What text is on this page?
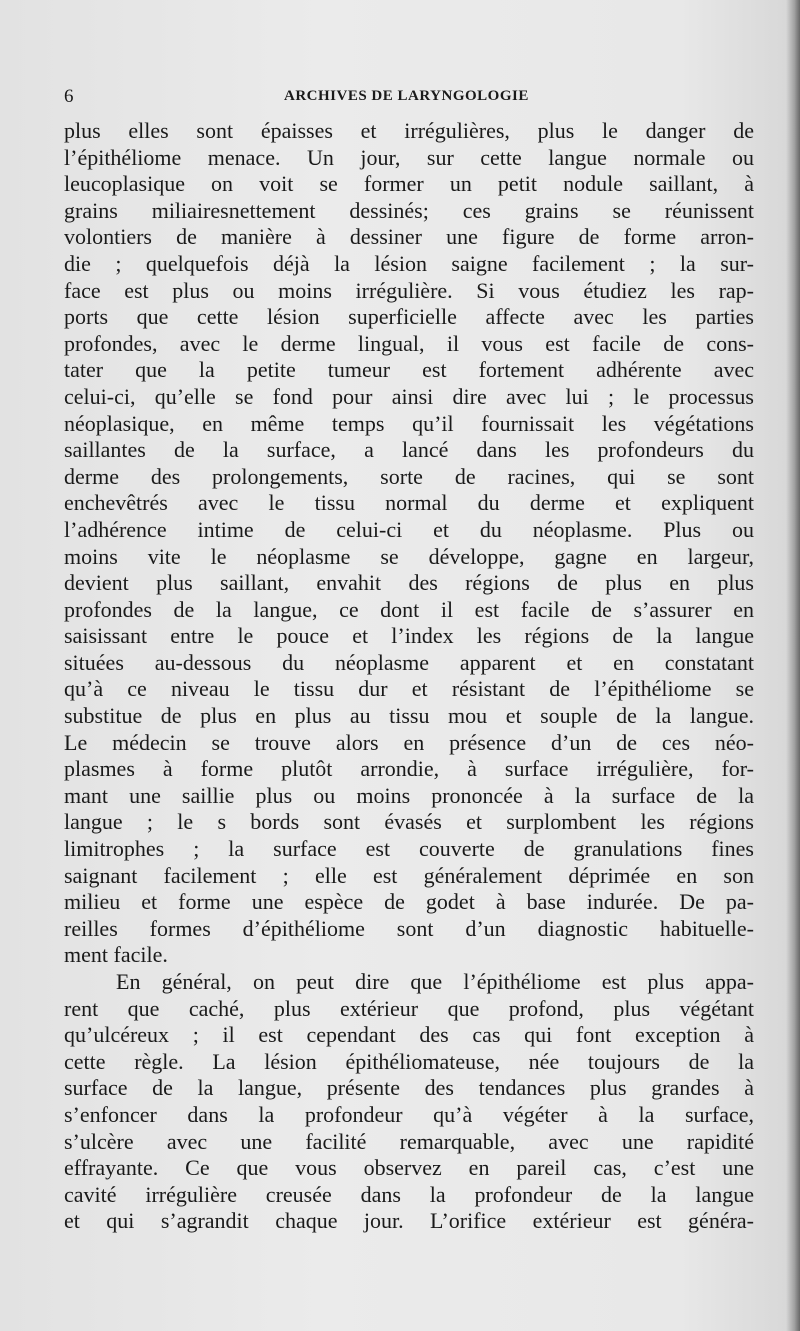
6	ARCHIVES DE LARYNGOLOGIE
plus elles sont épaisses et irrégulières, plus le danger de
l’épithéliome menace. Un jour, sur cette langue normale ou
leucoplasique on voit se former un petit nodule saillant, à
grains miliairesnettement dessinés; ces grains se réunissent
volontiers de manière à dessiner une figure de forme arron-
die ; quelquefois déjà la lésion saigne facilement ; la sur-
face est plus ou moins irrégulière. Si vous étudiez les rap-
ports que cette lésion superficielle affecte avec les parties
profondes, avec le derme lingual, il vous est facile de cons-
tater que la petite tumeur est fortement adhérente avec
celui-ci, qu’elle se fond pour ainsi dire avec lui ; le processus
néoplasique, en même temps qu’il fournissait les végétations
saillantes de la surface, a lancé dans les profondeurs du
derme des prolongements, sorte de racines, qui se sont
enchevêtrés avec le tissu normal du derme et expliquent
l’adhérence intime de celui-ci et du néoplasme. Plus ou
moins vite le néoplasme se développe, gagne en largeur,
devient plus saillant, envahit des régions de plus en plus
profondes de la langue, ce dont il est facile de s’assurer en
saisissant entre le pouce et l’index les régions de la langue
situées au-dessous du néoplasme apparent et en constatant
qu’à ce niveau le tissu dur et résistant de l’épithéliome se
substitue de plus en plus au tissu mou et souple de la langue.
Le médecin se trouve alors en présence d’un de ces néo-
plasmes à forme plutôt arrondie, à surface irrégulière, for-
mant une saillie plus ou moins prononcée à la surface de la
langue ; le s bords sont évasés et surplombent les régions
limitrophes ; la surface est couverte de granulations fines
saignant facilement ; elle est généralement déprimée en son
milieu et forme une espèce de godet à base indurée. De pa-
reilles formes d’épithéliome sont d’un diagnostic habituelle-
ment facile.
En général, on peut dire que l’épithéliome est plus appa-
rent que caché, plus extérieur que profond, plus végétant
qu’ulcéreux ; il est cependant des cas qui font exception à
cette règle. La lésion épithéliomateuse, née toujours de la
surface de la langue, présente des tendances plus grandes à
s’enfoncer dans la profondeur qu’à végéter à la surface,
s’ulcère avec une facilité remarquable, avec une rapidité
effrayante. Ce que vous observez en pareil cas, c’est une
cavité irrégulière creusée dans la profondeur de la langue
et qui s’agrandit chaque jour. L’orifice extérieur est généra-
